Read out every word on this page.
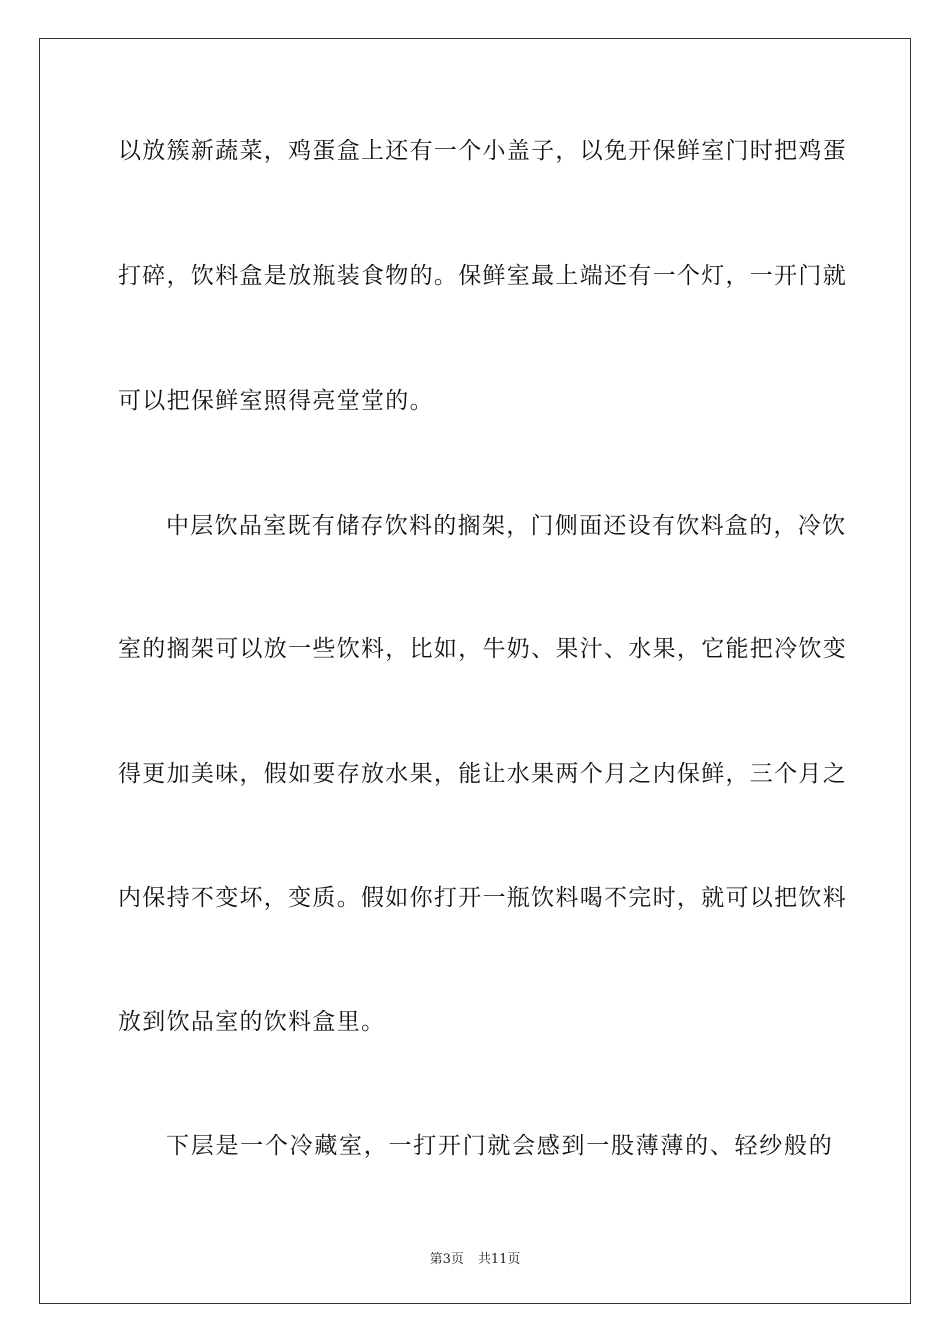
以放簇新蔬菜，鸡蛋盒上还有一个小盖子，以免开保鲜室门时把鸡蛋
打碎，饮料盒是放瓶装食物的。保鲜室最上端还有一个灯，一开门就
可以把保鲜室照得亮堂堂的。
中层饮品室既有储存饮料的搁架，门侧面还设有饮料盒的，冷饮
室的搁架可以放一些饮料，比如，牛奶、果汁、水果，它能把冷饮变
得更加美味，假如要存放水果，能让水果两个月之内保鲜，三个月之
内保持不变坏，变质。假如你打开一瓶饮料喝不完时，就可以把饮料
放到饮品室的饮料盒里。
下层是一个冷藏室，一打开门就会感到一股薄薄的、轻纱般的
第3页 共11页
